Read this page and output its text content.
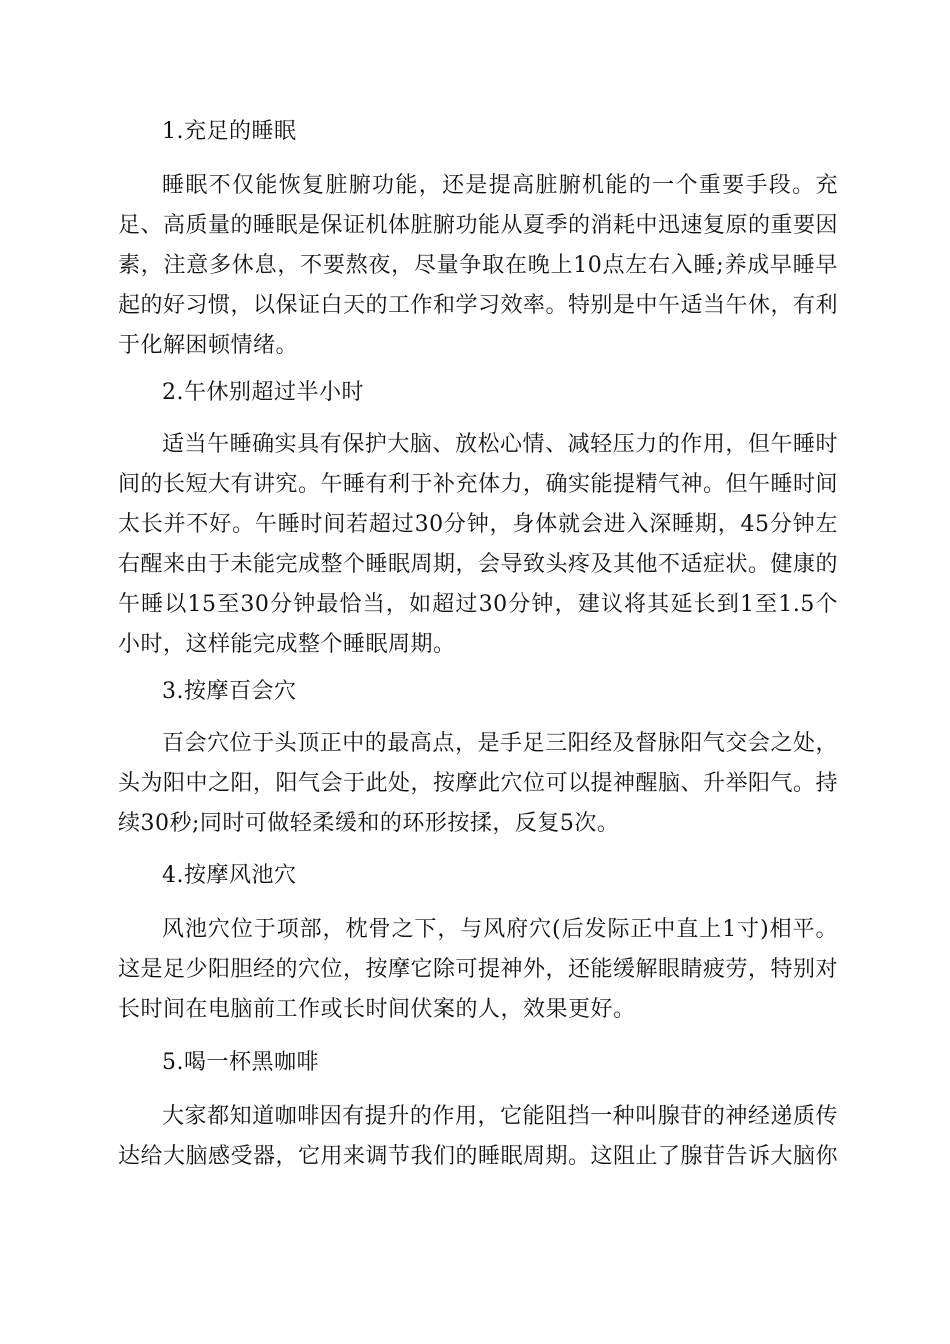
1.充足的睡眠

睡眠不仅能恢复脏腑功能，还是提高脏腑机能的一个重要手段。充足、高质量的睡眠是保证机体脏腑功能从夏季的消耗中迅速复原的重要因素，注意多休息，不要熬夜，尽量争取在晚上10点左右入睡;养成早睡早起的好习惯，以保证白天的工作和学习效率。特别是中午适当午休，有利于化解困顿情绪。

2.午休别超过半小时

适当午睡确实具有保护大脑、放松心情、减轻压力的作用，但午睡时间的长短大有讲究。午睡有利于补充体力，确实能提精气神。但午睡时间太长并不好。午睡时间若超过30分钟，身体就会进入深睡期，45分钟左右醒来由于未能完成整个睡眠周期，会导致头疼及其他不适症状。健康的午睡以15至30分钟最恰当，如超过30分钟，建议将其延长到1至1.5个小时，这样能完成整个睡眠周期。

3.按摩百会穴

百会穴位于头顶正中的最高点，是手足三阳经及督脉阳气交会之处，头为阳中之阳，阳气会于此处，按摩此穴位可以提神醒脑、升举阳气。持续30秒;同时可做轻柔缓和的环形按揉，反复5次。

4.按摩风池穴

风池穴位于项部，枕骨之下，与风府穴(后发际正中直上1寸)相平。这是足少阳胆经的穴位，按摩它除可提神外，还能缓解眼睛疲劳，特别对长时间在电脑前工作或长时间伏案的人，效果更好。

5.喝一杯黑咖啡

大家都知道咖啡因有提升的作用，它能阻挡一种叫腺苷的神经递质传达给大脑感受器，它用来调节我们的睡眠周期。这阻止了腺苷告诉大脑你
